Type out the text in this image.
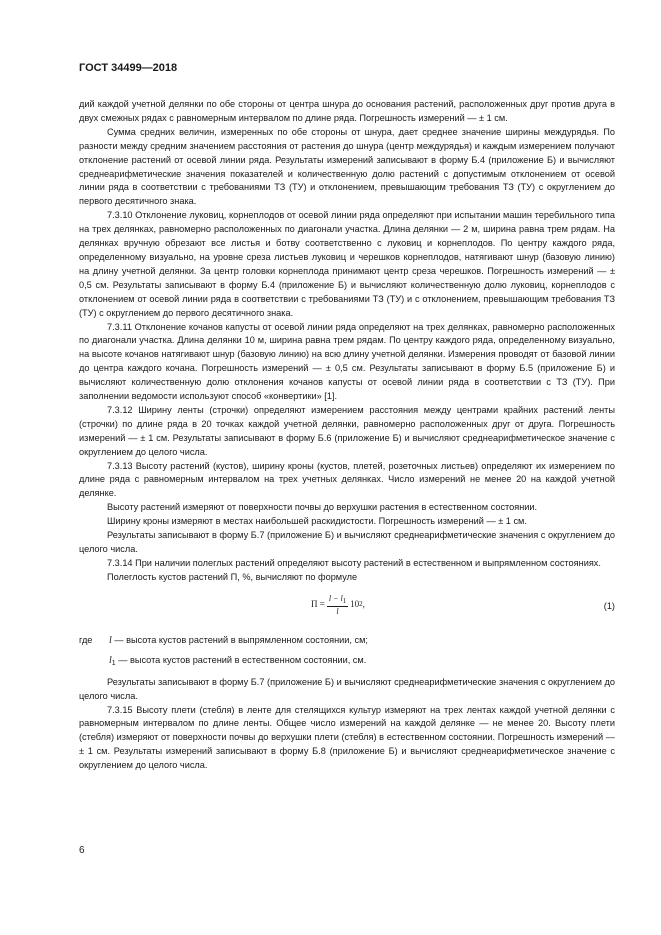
ГОСТ 34499—2018

дий каждой учетной делянки по обе стороны от центра шнура до основания растений, расположенных друг против друга в двух смежных рядах с равномерным интервалом по длине ряда. Погрешность измерений — ± 1 см.

Сумма средних величин, измеренных по обе стороны от шнура, дает среднее значение ширины междурядья. По разности между средним значением расстояния от растения до шнура (центр междурядья) и каждым измерением получают отклонение растений от осевой линии ряда. Результаты измерений записывают в форму Б.4 (приложение Б) и вычисляют среднеарифметические значения показателей и количественную долю растений с допустимым отклонением от осевой линии ряда в соответствии с требованиями ТЗ (ТУ) и отклонением, превышающим требования ТЗ (ТУ) с округлением до первого десятичного знака.

7.3.10 Отклонение луковиц, корнеплодов от осевой линии ряда определяют при испытании машин теребильного типа на трех делянках, равномерно расположенных по диагонали участка. Длина делянки — 2 м, ширина равна трем рядам. На делянках вручную обрезают все листья и ботву соответственно с луковиц и корнеплодов. По центру каждого ряда, определенному визуально, на уровне среза листьев луковиц и черешков корнеплодов, натягивают шнур (базовую линию) на длину учетной делянки. За центр головки корнеплода принимают центр среза черешков. Погрешность измерений — ± 0,5 см. Результаты записывают в форму Б.4 (приложение Б) и вычисляют количественную долю луковиц, корнеплодов с отклонением от осевой линии ряда в соответствии с требованиями ТЗ (ТУ) и с отклонением, превышающим требования ТЗ (ТУ) с округлением до первого десятичного знака.

7.3.11 Отклонение кочанов капусты от осевой линии ряда определяют на трех делянках, равномерно расположенных по диагонали участка. Длина делянки 10 м, ширина равна трем рядам. По центру каждого ряда, определенному визуально, на высоте кочанов натягивают шнур (базовую линию) на всю длину учетной делянки. Измерения проводят от базовой линии до центра каждого кочана. Погрешность измерений — ± 0,5 см. Результаты записывают в форму Б.5 (приложение Б) и вычисляют количественную долю отклонения кочанов капусты от осевой линии ряда в соответствии с ТЗ (ТУ). При заполнении ведомости используют способ «конвертики» [1].

7.3.12 Ширину ленты (строчки) определяют измерением расстояния между центрами крайних растений ленты (строчки) по длине ряда в 20 точках каждой учетной делянки, равномерно расположенных друг от друга. Погрешность измерений — ± 1 см. Результаты записывают в форму Б.6 (приложение Б) и вычисляют среднеарифметическое значение с округлением до целого числа.

7.3.13 Высоту растений (кустов), ширину кроны (кустов, плетей, розеточных листьев) определяют их измерением по длине ряда с равномерным интервалом на трех учетных делянках. Число измерений не менее 20 на каждой учетной делянке.

Высоту растений измеряют от поверхности почвы до верхушки растения в естественном состоянии.

Ширину кроны измеряют в местах наибольшей раскидистости. Погрешность измерений — ± 1 см.

Результаты записывают в форму Б.7 (приложение Б) и вычисляют среднеарифметические значения с округлением до целого числа.

7.3.14 При наличии полеглых растений определяют высоту растений в естественном и выпрямленном состояниях.

Полеглость кустов растений П, %, вычисляют по формуле

$П = \frac{l - l1}{l} 10$ 2 ,	(1)
где l — высота кустов растений в выпрямленном состоянии, см;
$l_1$ — высота кустов растений в естественном состоянии, см.

Результаты записывают в форму Б.7 (приложение Б) и вычисляют среднеарифметические значения с округлением до целого числа.

7.3.15 Высоту плети (стебля) в ленте для стелящихся культур измеряют на трех лентах каждой учетной делянки с равномерным интервалом по длине ленты. Общее число измерений на каждой делянке — не менее 20. Высоту плети (стебля) измеряют от поверхности почвы до верхушки плети (стебля) в естественном состоянии. Погрешность измерений — ± 1 см. Результаты измерений записывают в форму Б.8 (приложение Б) и вычисляют среднеарифметическое значение с округлением до целого числа.

6
